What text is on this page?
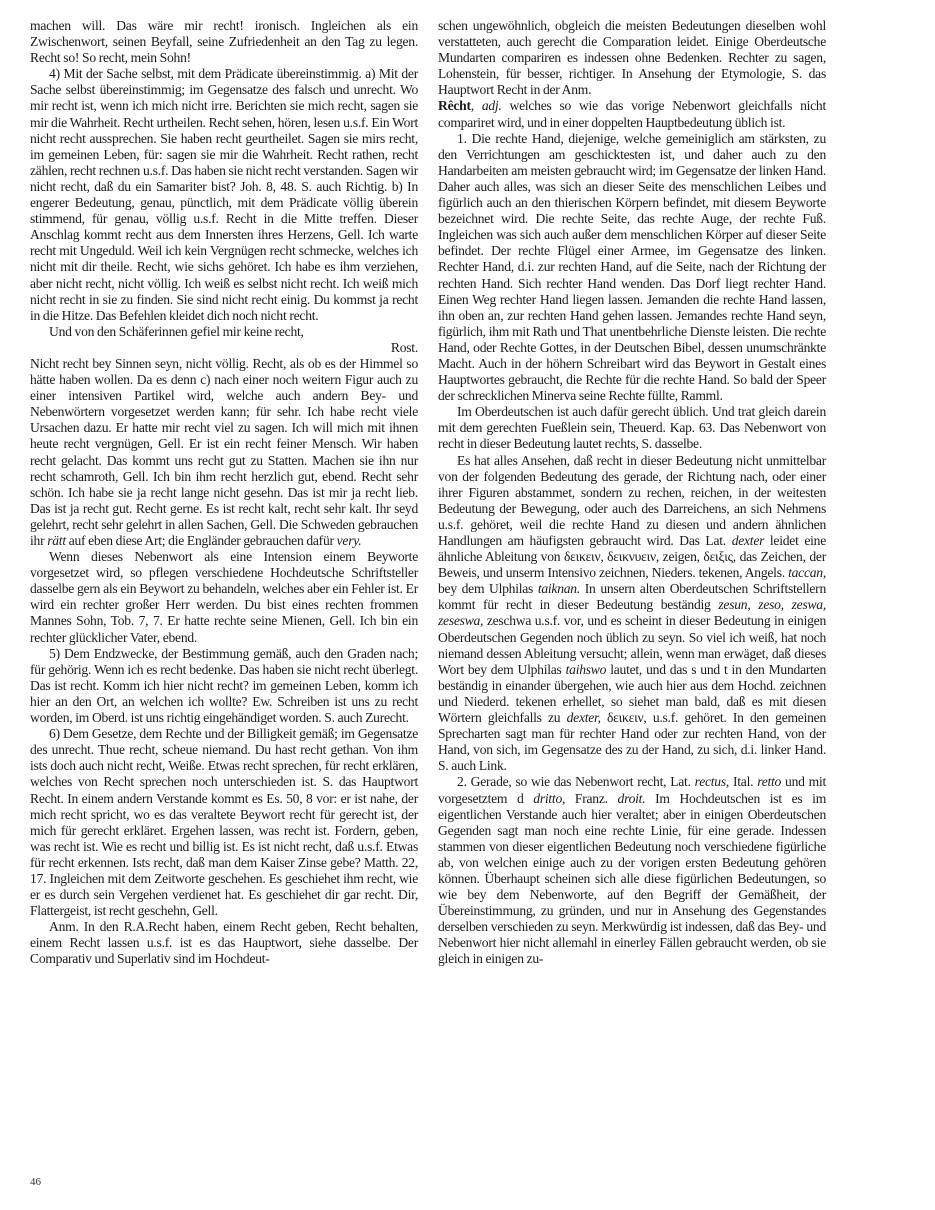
machen will. Das wäre mir recht! ironisch. Ingleichen als ein Zwischenwort, seinen Beyfall, seine Zufriedenheit an den Tag zu legen. Recht so! So recht, mein Sohn!

4) Mit der Sache selbst, mit dem Prädicate übereinstimmig. a) Mit der Sache selbst übereinstimmig; im Gegensatze des falsch und unrecht. Wo mir recht ist, wenn ich mich nicht irre. Berichten sie mich recht, sagen sie mir die Wahrheit. Recht urtheilen. Recht sehen, hören, lesen u.s.f. Ein Wort nicht recht aussprechen. Sie haben recht geurtheilet. Sagen sie mirs recht, im gemeinen Leben, für: sagen sie mir die Wahrheit. Recht rathen, recht zählen, recht rechnen u.s.f. Das haben sie nicht recht verstanden. Sagen wir nicht recht, daß du ein Samariter bist? Joh. 8, 48. S. auch Richtig. b) In engerer Bedeutung, genau, pünctlich, mit dem Prädicate völlig überein stimmend, für genau, völlig u.s.f. Recht in die Mitte treffen. Dieser Anschlag kommt recht aus dem Innersten ihres Herzens, Gell. Ich warte recht mit Ungeduld. Weil ich kein Vergnügen recht schmecke, welches ich nicht mit dir theile. Recht, wie sichs gehöret. Ich habe es ihm verziehen, aber nicht recht, nicht völlig. Ich weiß es selbst nicht recht. Ich weiß mich nicht recht in sie zu finden. Sie sind nicht recht einig. Du kommst ja recht in die Hitze. Das Befehlen kleidet dich noch nicht recht.

Und von den Schäferinnen gefiel mir keine recht,

Rost.

Nicht recht bey Sinnen seyn, nicht völlig. Recht, als ob es der Himmel so hätte haben wollen. Da es denn c) nach einer noch weitern Figur auch zu einer intensiven Partikel wird, welche auch andern Bey- und Nebenwörtern vorgesetzet werden kann; für sehr. Ich habe recht viele Ursachen dazu. Er hatte mir recht viel zu sagen. Ich will mich mit ihnen heute recht vergnügen, Gell. Er ist ein recht feiner Mensch. Wir haben recht gelacht. Das kommt uns recht gut zu Statten. Machen sie ihn nur recht schamroth, Gell. Ich bin ihm recht herzlich gut, ebend. Recht sehr schön. Ich habe sie ja recht lange nicht gesehn. Das ist mir ja recht lieb. Das ist ja recht gut. Recht gerne. Es ist recht kalt, recht sehr kalt. Ihr seyd gelehrt, recht sehr gelehrt in allen Sachen, Gell. Die Schweden gebrauchen ihr rätt auf eben diese Art; die Engländer gebrauchen dafür very.

Wenn dieses Nebenwort als eine Intension einem Beyworte vorgesetzet wird, so pflegen verschiedene Hochdeutsche Schriftsteller dasselbe gern als ein Beywort zu behandeln, welches aber ein Fehler ist. Er wird ein rechter großer Herr werden. Du bist eines rechten frommen Mannes Sohn, Tob. 7, 7. Er hatte rechte seine Mienen, Gell. Ich bin ein rechter glücklicher Vater, ebend.

5) Dem Endzwecke, der Bestimmung gemäß, auch den Graden nach; für gehörig. Wenn ich es recht bedenke. Das haben sie nicht recht überlegt. Das ist recht. Komm ich hier nicht recht? im gemeinen Leben, komm ich hier an den Ort, an welchen ich wollte? Ew. Schreiben ist uns zu recht worden, im Oberd. ist uns richtig eingehändiget worden. S. auch Zurecht.

6) Dem Gesetze, dem Rechte und der Billigkeit gemäß; im Gegensatze des unrecht. Thue recht, scheue niemand. Du hast recht gethan. Von ihm ists doch auch nicht recht, Weiße. Etwas recht sprechen, für recht erklären, welches von Recht sprechen noch unterschieden ist. S. das Hauptwort Recht. In einem andern Verstande kommt es Es. 50, 8 vor: er ist nahe, der mich recht spricht, wo es das veraltete Beywort recht für gerecht ist, der mich für gerecht erkläret. Ergehen lassen, was recht ist. Fordern, geben, was recht ist. Wie es recht und billig ist. Es ist nicht recht, daß u.s.f. Etwas für recht erkennen. Ists recht, daß man dem Kaiser Zinse gebe? Matth. 22, 17. Ingleichen mit dem Zeitworte geschehen. Es geschiehet ihm recht, wie er es durch sein Vergehen verdienet hat. Es geschiehet dir gar recht. Dir, Flattergeist, ist recht geschehn, Gell.

Anm. In den R.A.Recht haben, einem Recht geben, Recht behalten, einem Recht lassen u.s.f. ist es das Hauptwort, siehe dasselbe. Der Comparativ und Superlativ sind im Hochdeut-

schen ungewöhnlich, obgleich die meisten Bedeutungen dieselben wohl verstatteten, auch gerecht die Comparation leidet. Einige Oberdeutsche Mundarten compariren es indessen ohne Bedenken. Rechter zu sagen, Lohenstein, für besser, richtiger. In Ansehung der Etymologie, S. das Hauptwort Recht in der Anm.

Rêcht, adj. welches so wie das vorige Nebenwort gleichfalls nicht compariret wird, und in einer doppelten Hauptbedeutung üblich ist.

1. Die rechte Hand, diejenige, welche gemeiniglich am stärksten, zu den Verrichtungen am geschicktesten ist, und daher auch zu den Handarbeiten am meisten gebraucht wird; im Gegensatze der linken Hand. Daher auch alles, was sich an dieser Seite des menschlichen Leibes und figürlich auch an den thierischen Körpern befindet, mit diesem Beyworte bezeichnet wird. Die rechte Seite, das rechte Auge, der rechte Fuß. Ingleichen was sich auch außer dem menschlichen Körper auf dieser Seite befindet. Der rechte Flügel einer Armee, im Gegensatze des linken. Rechter Hand, d.i. zur rechten Hand, auf die Seite, nach der Richtung der rechten Hand. Sich rechter Hand wenden. Das Dorf liegt rechter Hand. Einen Weg rechter Hand liegen lassen. Jemanden die rechte Hand lassen, ihn oben an, zur rechten Hand gehen lassen. Jemandes rechte Hand seyn, figürlich, ihm mit Rath und That unentbehrliche Dienste leisten. Die rechte Hand, oder Rechte Gottes, in der Deutschen Bibel, dessen unumschränkte Macht. Auch in der höhern Schreibart wird das Beywort in Gestalt eines Hauptwortes gebraucht, die Rechte für die rechte Hand. So bald der Speer der schrecklichen Minerva seine Rechte füllte, Ramml.

Im Oberdeutschen ist auch dafür gerecht üblich. Und trat gleich darein mit dem gerechten Fueßlein sein, Theuerd. Kap. 63. Das Nebenwort von recht in dieser Bedeutung lautet rechts, S. dasselbe.

Es hat alles Ansehen, daß recht in dieser Bedeutung nicht unmittelbar von der folgenden Bedeutung des gerade, der Richtung nach, oder einer ihrer Figuren abstammet, sondern zu rechen, reichen, in der weitesten Bedeutung der Bewegung, oder auch des Darreichens, an sich Nehmens u.s.f. gehöret, weil die rechte Hand zu diesen und andern ähnlichen Handlungen am häufigsten gebraucht wird. Das Lat. dexter leidet eine ähnliche Ableitung von δεικειν, δεικνυειν, zeigen, δειξις, das Zeichen, der Beweis, und unserm Intensivo zeichnen, Nieders. tekenen, Angels. taccan, bey dem Ulphilas taiknan. In unsern alten Oberdeutschen Schriftstellern kommt für recht in dieser Bedeutung beständig zesun, zeso, zeswa, zeseswa, zeschwa u.s.f. vor, und es scheint in dieser Bedeutung in einigen Oberdeutschen Gegenden noch üblich zu seyn. So viel ich weiß, hat noch niemand dessen Ableitung versucht; allein, wenn man erwäget, daß dieses Wort bey dem Ulphilas taihswo lautet, und das s und t in den Mundarten beständig in einander übergehen, wie auch hier aus dem Hochd. zeichnen und Niederd. tekenen erhellet, so siehet man bald, daß es mit diesen Wörtern gleichfalls zu dexter, δεικειν, u.s.f. gehöret. In den gemeinen Sprecharten sagt man für rechter Hand oder zur rechten Hand, von der Hand, von sich, im Gegensatze des zu der Hand, zu sich, d.i. linker Hand. S. auch Link.

2. Gerade, so wie das Nebenwort recht, Lat. rectus, Ital. retto und mit vorgesetztem d dritto, Franz. droit. Im Hochdeutschen ist es im eigentlichen Verstande auch hier veraltet; aber in einigen Oberdeutschen Gegenden sagt man noch eine rechte Linie, für eine gerade. Indessen stammen von dieser eigentlichen Bedeutung noch verschiedene figürliche ab, von welchen einige auch zu der vorigen ersten Bedeutung gehören können. Überhaupt scheinen sich alle diese figürlichen Bedeutungen, so wie bey dem Nebenworte, auf den Begriff der Gemäßheit, der Übereinstimmung, zu gründen, und nur in Ansehung des Gegenstandes derselben verschieden zu seyn. Merkwürdig ist indessen, daß das Bey- und Nebenwort hier nicht allemahl in einerley Fällen gebraucht werden, ob sie gleich in einigen zu-

46
